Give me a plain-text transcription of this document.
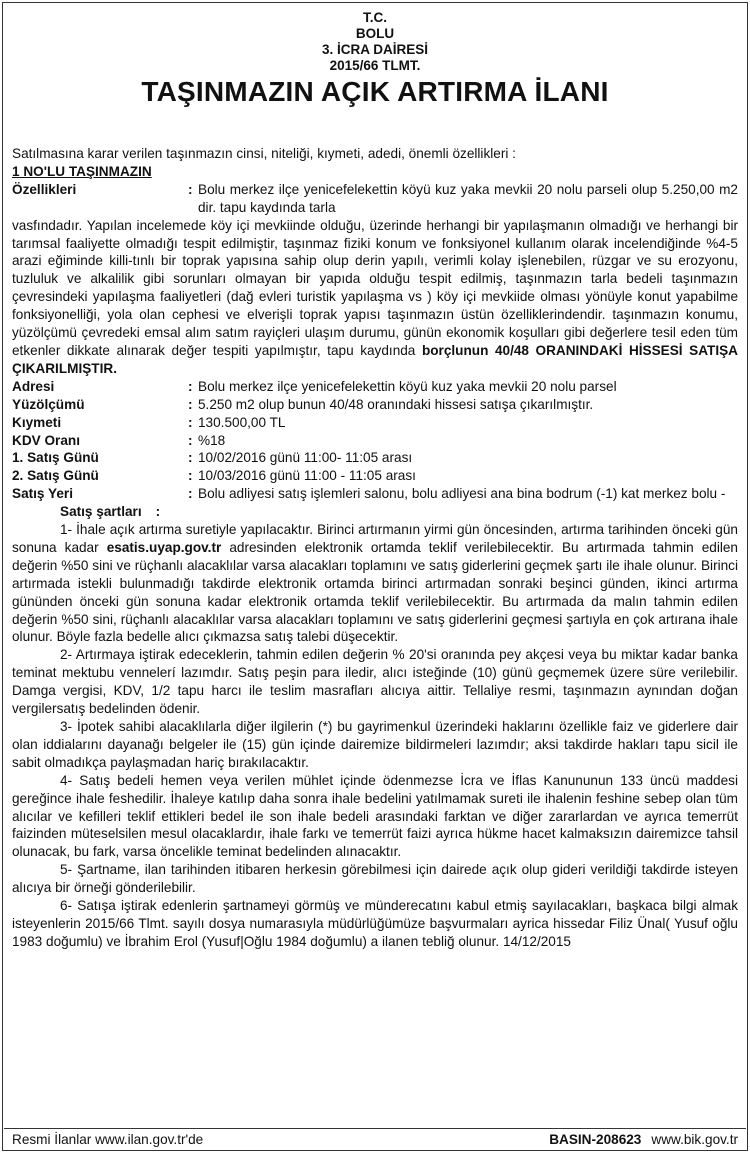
T.C.
BOLU
3. İCRA DAİRESİ
2015/66 TLMT.
TAŞINMAZIN AÇIK ARTIRMA İLANI
Satılmasına karar verilen taşınmazın cinsi, niteliği, kıymeti, adedi, önemli özellikleri :
1 NO'LU TAŞINMAZIN
Özellikleri	: Bolu merkez ilçe yenicefelekettin köyü kuz yaka mevkii 20 nolu parseli olup 5.250,00 m2 dir. tapu kaydında tarla
vasfındadır. Yapılan incelemede köy içi mevkiinde olduğu, üzerinde herhangi bir yapılaşmanın olmadığı ve herhangi bir tarımsal faaliyette olmadığı tespit edilmiştir, taşınmaz fiziki konum ve fonksiyonel kullanım olarak incelendiğinde %4-5 arazi eğiminde killi-tınlı bir toprak yapısına sahip olup derin yapılı, verimli kolay işlenebilen, rüzgar ve su erozyonu, tuzluluk ve alkalilik gibi sorunları olmayan bir yapıda olduğu tespit edilmiş, taşınmazın tarla bedeli taşınmazın çevresindeki yapılaşma faaliyetleri (dağ evleri turistik yapılaşma vs ) köy içi mevkiide olması yönüyle konut yapabilme fonksiyonelliği, yola olan cephesi ve elverişli toprak yapısı taşınmazın üstün özelliklerindendir. taşınmazın konumu, yüzölçümü çevredeki emsal alım satım rayiçleri ulaşım durumu, günün ekonomik koşulları gibi değerlere tesil eden tüm etkenler dikkate alınarak değer tespiti yapılmıştır, tapu kaydında borçlunun 40/48 ORANINDAKİ HİSSESİ SATIŞA ÇIKARILMIŞTIR.
Adresi	: Bolu merkez ilçe yenicefelekettin köyü kuz yaka mevkii 20 nolu parsel
Yüzölçümü	: 5.250 m2 olup bunun 40/48 oranındaki hissesi satışa çıkarılmıştır.
Kıymeti	: 130.500,00 TL
KDV Oranı	: %18
1. Satış Günü	: 10/02/2016 günü 11:00- 11:05 arası
2. Satış Günü	: 10/03/2016 günü 11:00 - 11:05 arası
Satış Yeri	: Bolu adliyesi satış işlemleri salonu, bolu adliyesi ana bina bodrum (-1) kat merkez bolu -
Satış şartları :
1- İhale açık artırma suretiyle yapılacaktır. Birinci artırmanın yirmi gün öncesinden, artırma tarihinden önceki gün sonuna kadar esatis.uyap.gov.tr adresinden elektronik ortamda teklif verilebilecektir. Bu artırmada tahmin edilen değerin %50 sini ve rüçhanlı alacaklılar varsa alacakları toplamını ve satış giderlerini geçmek şartı ile ihale olunur. Birinci artırmada istekli bulunmadığı takdirde elektronik ortamda birinci artırmadan sonraki beşinci günden, ikinci artırma gününden önceki gün sonuna kadar elektronik ortamda teklif verilebilecektir. Bu artırmada da malın tahmin edilen değerin %50 sini, rüçhanlı alacaklılar varsa alacakları toplamını ve satış giderlerini geçmesi şartıyla en çok artırana ihale olunur. Böyle fazla bedelle alıcı çıkmazsa satış talebi düşecektir.
2- Artırmaya iştirak edeceklerin, tahmin edilen değerin % 20'si oranında pey akçesi veya bu miktar kadar banka teminat mektubu vennelerí lazımdır. Satış peşin para iledir, alıcı isteğinde (10) günü geçmemek üzere süre verilebilir. Damga vergisi, KDV, 1/2 tapu harcı ile teslim masrafları alıcıya aittir. Tellaliye resmi, taşınmazın aynından doğan vergilersatış bedelinden ödenir.
3- İpotek sahibi alacaklılarla diğer ilgilerin (*) bu gayrimenkul üzerindeki haklarını özellikle faiz ve giderlere dair olan iddialarını dayanağı belgeler ile (15) gün içinde dairemize bildirmeleri lazımdır; aksi takdirde hakları tapu sicil ile sabit olmadıkça paylaşmadan hariç bırakılacaktır.
4- Satış bedeli hemen veya verilen mühlet içinde ödenmezse İcra ve İflas Kanununun 133 üncü maddesi gereğince ihale feshedilir. İhaleye katılıp daha sonra ihale bedelini yatılmamak sureti ile ihalenin feshine sebep olan tüm alıcılar ve kefilleri teklif ettikleri bedel ile son ihale bedeli arasındaki farktan ve diğer zararlardan ve ayrıca temerrüt faizinden müteselsilen mesul olacaklardır, ihale farkı ve temerrüt faizi ayrıca hükme hacet kalmaksızın dairemizce tahsil olunacak, bu fark, varsa öncelikle teminat bedelinden alınacaktır.
5- Şartname, ilan tarihinden itibaren herkesin görebilmesi için dairede açık olup gideri verildiği takdirde isteyen alıcıya bir örneği gönderilebilir.
6- Satışa iştirak edenlerin şartnameyi görmüş ve münderecatını kabul etmiş sayılacakları, başkaca bilgi almak isteyenlerin 2015/66 Tlmt. sayılı dosya numarasıyla müdürlüğümüze başvurmaları ayrica hissedar Filiz Ünal( Yusuf oğlu 1983 doğumlu) ve İbrahim Erol (Yusuf|Oğlu 1984 doğumlu) a ilanen tebliğ olunur. 14/12/2015
Resmi İlanlar www.ilan.gov.tr'de	BASIN-208623 www.bik.gov.tr
